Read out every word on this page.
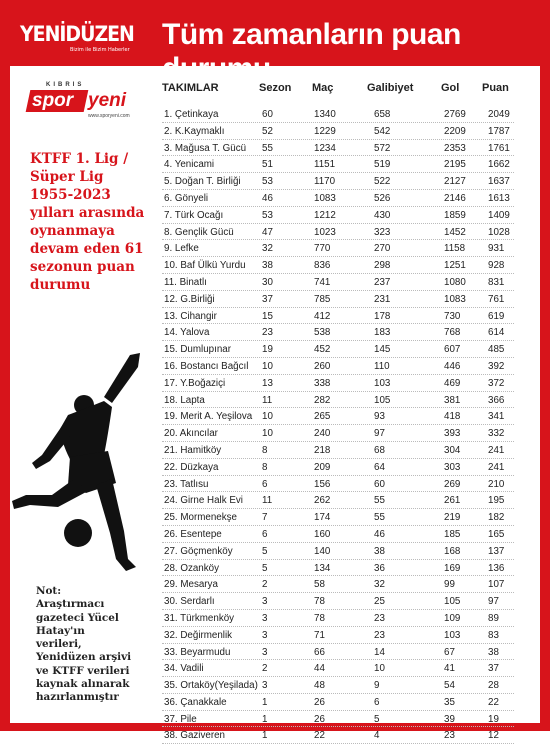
YENİDÜZEN
Bizim ile Bizim Haberler Tüm zamanların puan durumu
KIBRIS
spor yeni
www.sporyeni.com
KTFF 1. Lig / Süper Lig 1955-2023 yılları arasında oynanmaya devam eden 61 sezonun puan durumu
Not: Araştırmacı gazeteci Yücel Hatay'ın verileri, Yenidüzen arşivi ve KTFF verileri kaynak alınarak hazırlanmıştır
TAKIMLAR	Sezon Maç	Galibiyet	Gol Puan
1. Çetinkaya	60	1340	658	2769 2049
2. K.Kaymaklı	52	1229	542	2209 1787
3. Mağusa T. Gücü 55	1234	572	2353 1761
4. Yenicami	51	1151	519	2195 1662
5. Doğan T. Birliği 53	1170	522	2127 1637
6. Gönyeli	46	1083	526	2146 1613
7. Türk Ocağı	53	1212	430	1859 1409
8. Gençlik Gücü	47	1023	323	1452 1028
9. Lefke	32	770	270	1158 931
10. Baf Ülkü Yurdu 38	836	298	1251 928
11. Binatlı	30	741	237	1080 831
12. G.Birliği	37	785	231	1083 761
13. Cihangir	15	412	178	730	619
14. Yalova	23	538	183	768	614
15. Dumlupınar	19	452	145	607	485
16. Bostancı Bağcıl 10	260	110	446	392
17. Y.Boğaziçi	13	338	103	469	372
18. Lapta	11	282	105	381	366
19. Merit A. Yeşilova 10	265	93	418	341
20. Akıncılar	10	240	97	393	332
21. Hamitköy	8	218	68	304	241
22. Düzkaya	8	209	64	303	241
23. Tatlısu	6	156	60	269	210
24. Girne Halk Evi 11	262	55	261	195
25. Mormenekşe	7	174	55	219	182
26. Esentepe	6	160	46	185	165
27. Göçmenköy	5	140	38	168	137
28. Ozanköy	5	134	36	169	136
29. Mesarya	2	58	32	99	107
30. Serdarlı	3	78	25	105	97
31. Türkmenköy	3	78	23	109	89
32. Değirmenlik	3	71	23	103	83
33. Beyarmudu	3	66	14	67	38
34. Vadili	2	44	10	41	37
35. Ortaköy(Yeşilada) 3	48	9	54	28
36. Çanakkale	1	26	6	35	22
37. Pile	1	26	5	39	19
38. Gaziveren	1	22	4	23	12
